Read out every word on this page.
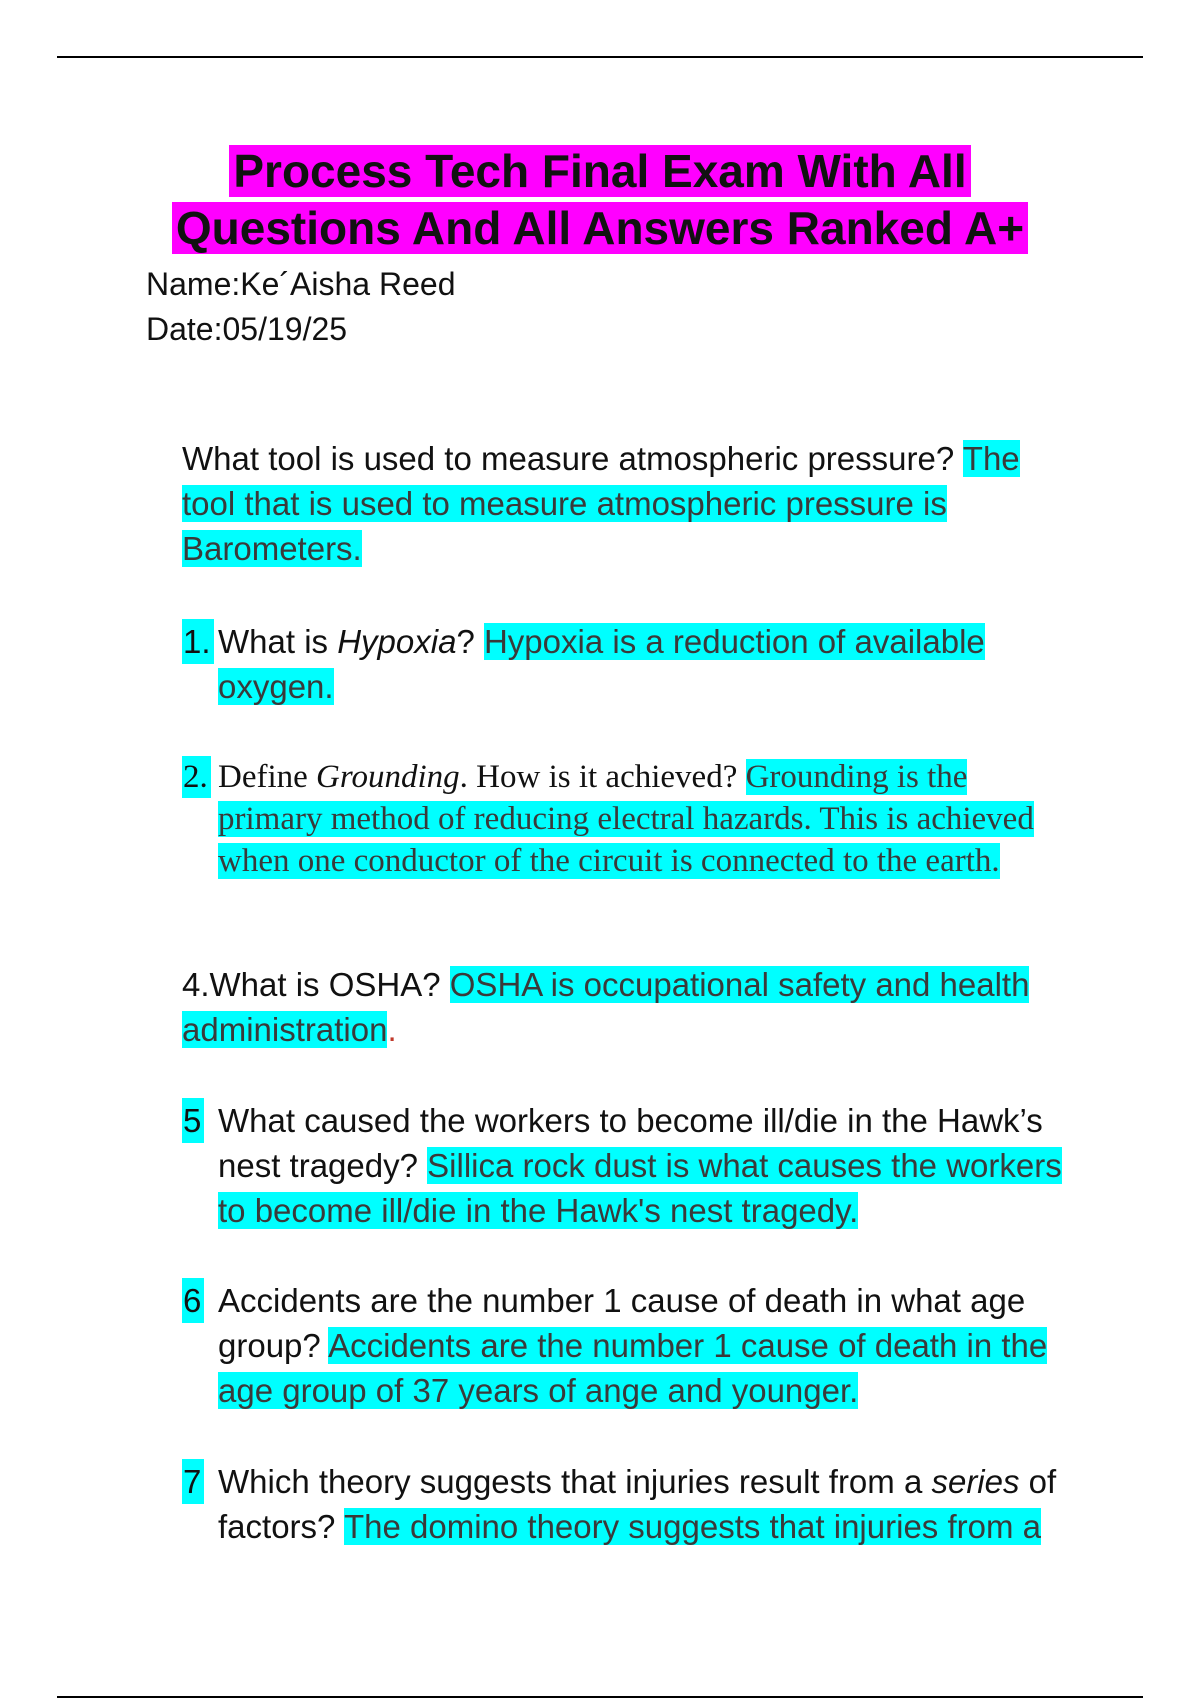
Process Tech Final Exam With All
Questions And All Answers Ranked A+
Name:Ke´Aisha Reed
Date:05/19/25
What tool is used to measure atmospheric pressure? The tool that is used to measure atmospheric pressure is Barometers.
1. What is Hypoxia? Hypoxia is a reduction of available oxygen.
2. Define Grounding. How is it achieved? Grounding is the primary method of reducing electral hazards. This is achieved when one conductor of the circuit is connected to the earth.
4.What is OSHA? OSHA is occupational safety and health administration.
5 What caused the workers to become ill/die in the Hawk’s nest tragedy? Sillica rock dust is what causes the workers to become ill/die in the Hawk's nest tragedy.
6 Accidents are the number 1 cause of death in what age group? Accidents are the number 1 cause of death in the age group of 37 years of ange and younger.
7 Which theory suggests that injuries result from a series of factors? The domino theory suggests that injuries from a
